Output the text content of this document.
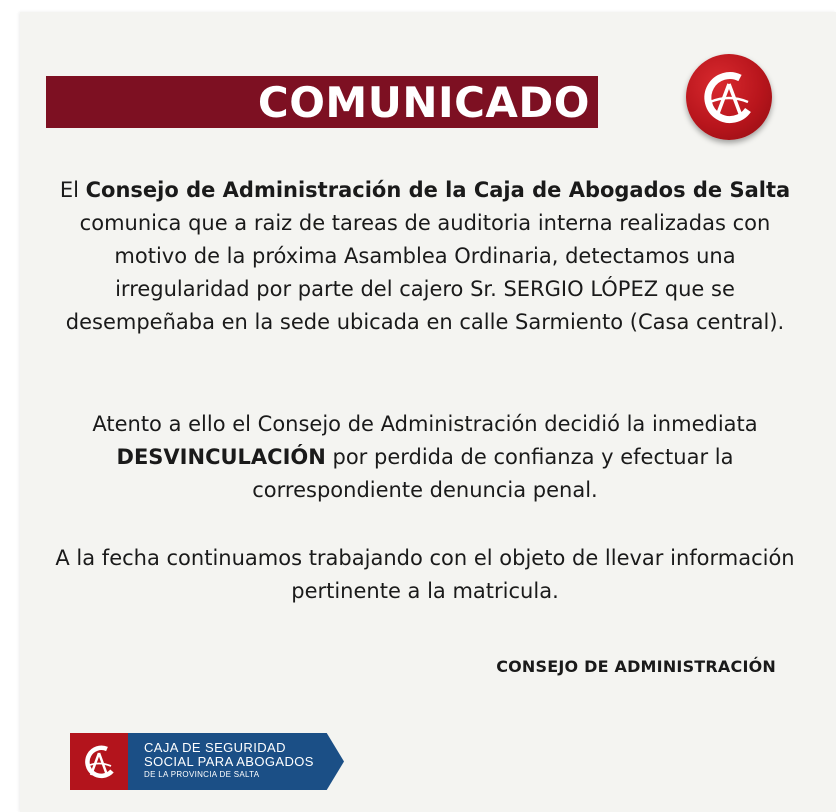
COMUNICADO

El Consejo de Administración de la Caja de Abogados de Salta comunica que a raiz de tareas de auditoria interna realizadas con motivo de la próxima Asamblea Ordinaria, detectamos una irregularidad por parte del cajero Sr. SERGIO LÓPEZ que se desempeñaba en la sede ubicada en calle Sarmiento (Casa central).

Atento a ello el Consejo de Administración decidió la inmediata DESVINCULACIÓN por perdida de confianza y efectuar la correspondiente denuncia penal.

A la fecha continuamos trabajando con el objeto de llevar información pertinente a la matricula.

CONSEJO DE ADMINISTRACIÓN
CAJA DE SEGURIDAD
SOCIAL PARA ABOGADOS
DE LA PROVINCIA DE SALTA
